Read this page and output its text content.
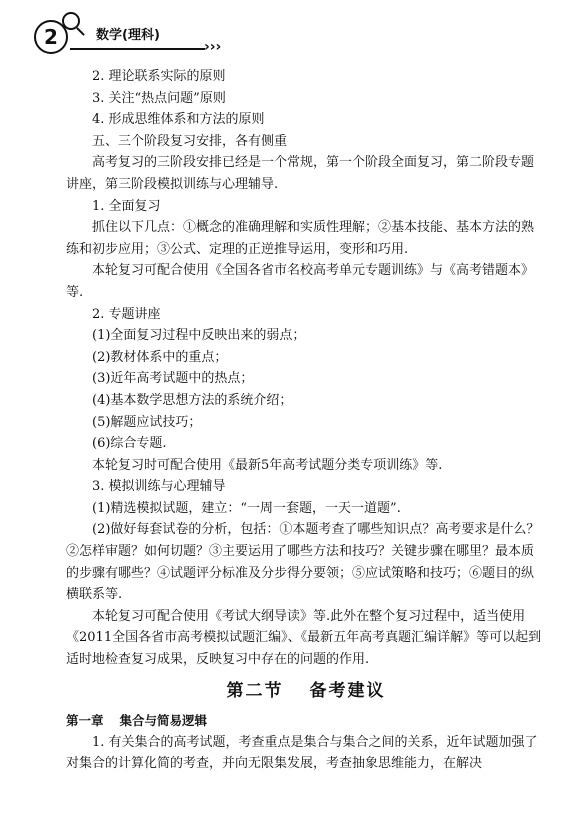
2	数学(理科)
›››

2. 理论联系实际的原则

3. 关注“热点问题”原则

4. 形成思维体系和方法的原则

五、三个阶段复习安排，各有侧重

高考复习的三阶段安排已经是一个常规，第一个阶段全面复习，第二阶段专题讲座，第三阶段模拟训练与心理辅导.

1. 全面复习

抓住以下几点：①概念的准确理解和实质性理解；②基本技能、基本方法的熟练和初步应用；③公式、定理的正逆推导运用，变形和巧用.

本轮复习可配合使用《全国各省市名校高考单元专题训练》与《高考错题本》等.

2. 专题讲座

(1)全面复习过程中反映出来的弱点；

(2)教材体系中的重点；

(3)近年高考试题中的热点；

(4)基本数学思想方法的系统介绍；

(5)解题应试技巧；

(6)综合专题.

本轮复习时可配合使用《最新5年高考试题分类专项训练》等.

3. 模拟训练与心理辅导

(1)精选模拟试题，建立：“一周一套题，一天一道题”.

(2)做好每套试卷的分析，包括：①本题考查了哪些知识点？高考要求是什么？②怎样审题？如何切题？③主要运用了哪些方法和技巧？关键步骤在哪里？最本质的步骤有哪些？④试题评分标准及分步得分要领；⑤应试策略和技巧；⑥题目的纵横联系等.

本轮复习可配合使用《考试大纲导读》等.此外在整个复习过程中，适当使用《2011全国各省市高考模拟试题汇编》、《最新五年高考真题汇编详解》等可以起到适时地检查复习成果，反映复习中存在的问题的作用.

第二节 备考建议

第一章 集合与简易逻辑

1. 有关集合的高考试题，考查重点是集合与集合之间的关系，近年试题加强了对集合的计算化简的考查，并向无限集发展，考查抽象思维能力，在解决
